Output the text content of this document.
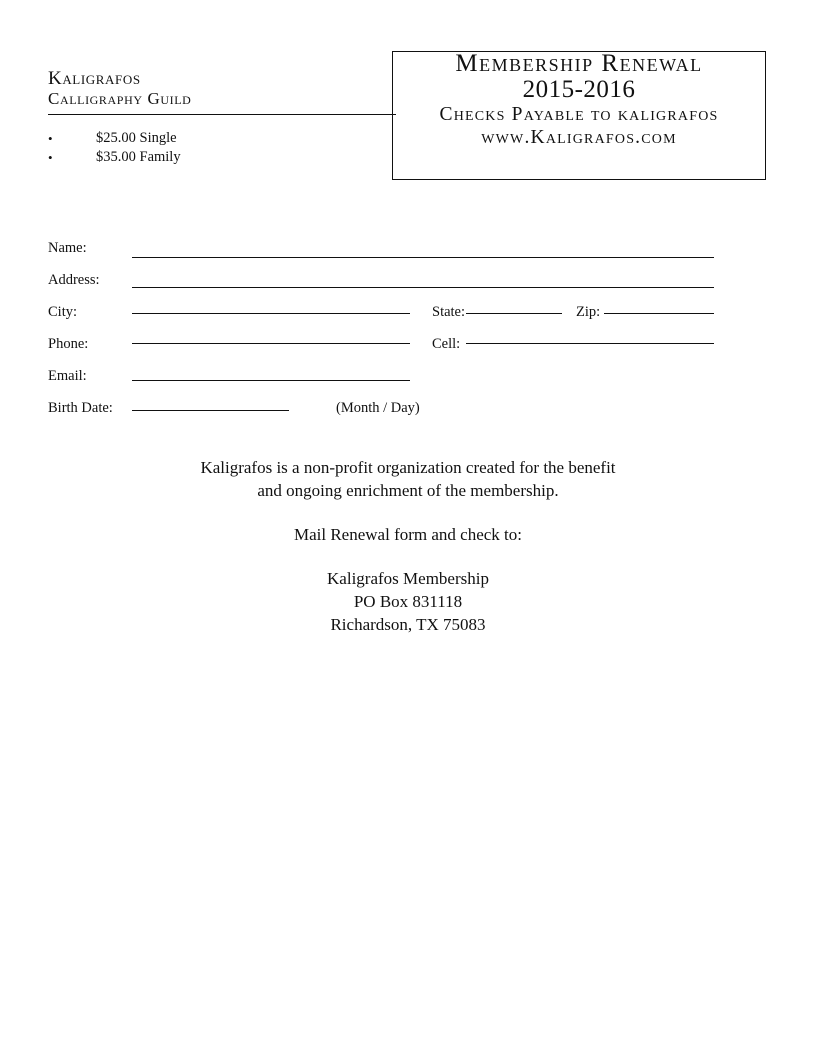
Kaligrafos
Calligraphy Guild
•	$25.00 Single
•	$35.00 Family
Membership Renewal
2015-2016
Checks Payable to kaligrafos
www.Kaligrafos.com
Name:
Address:
City:	State:	Zip:
Phone:	Cell:
Email:
Birth Date:	(Month / Day)
Kaligrafos is a non-profit organization created for the benefit
and ongoing enrichment of the membership.
Mail Renewal form and check to:
Kaligrafos Membership
PO Box 831118
Richardson, TX 75083
